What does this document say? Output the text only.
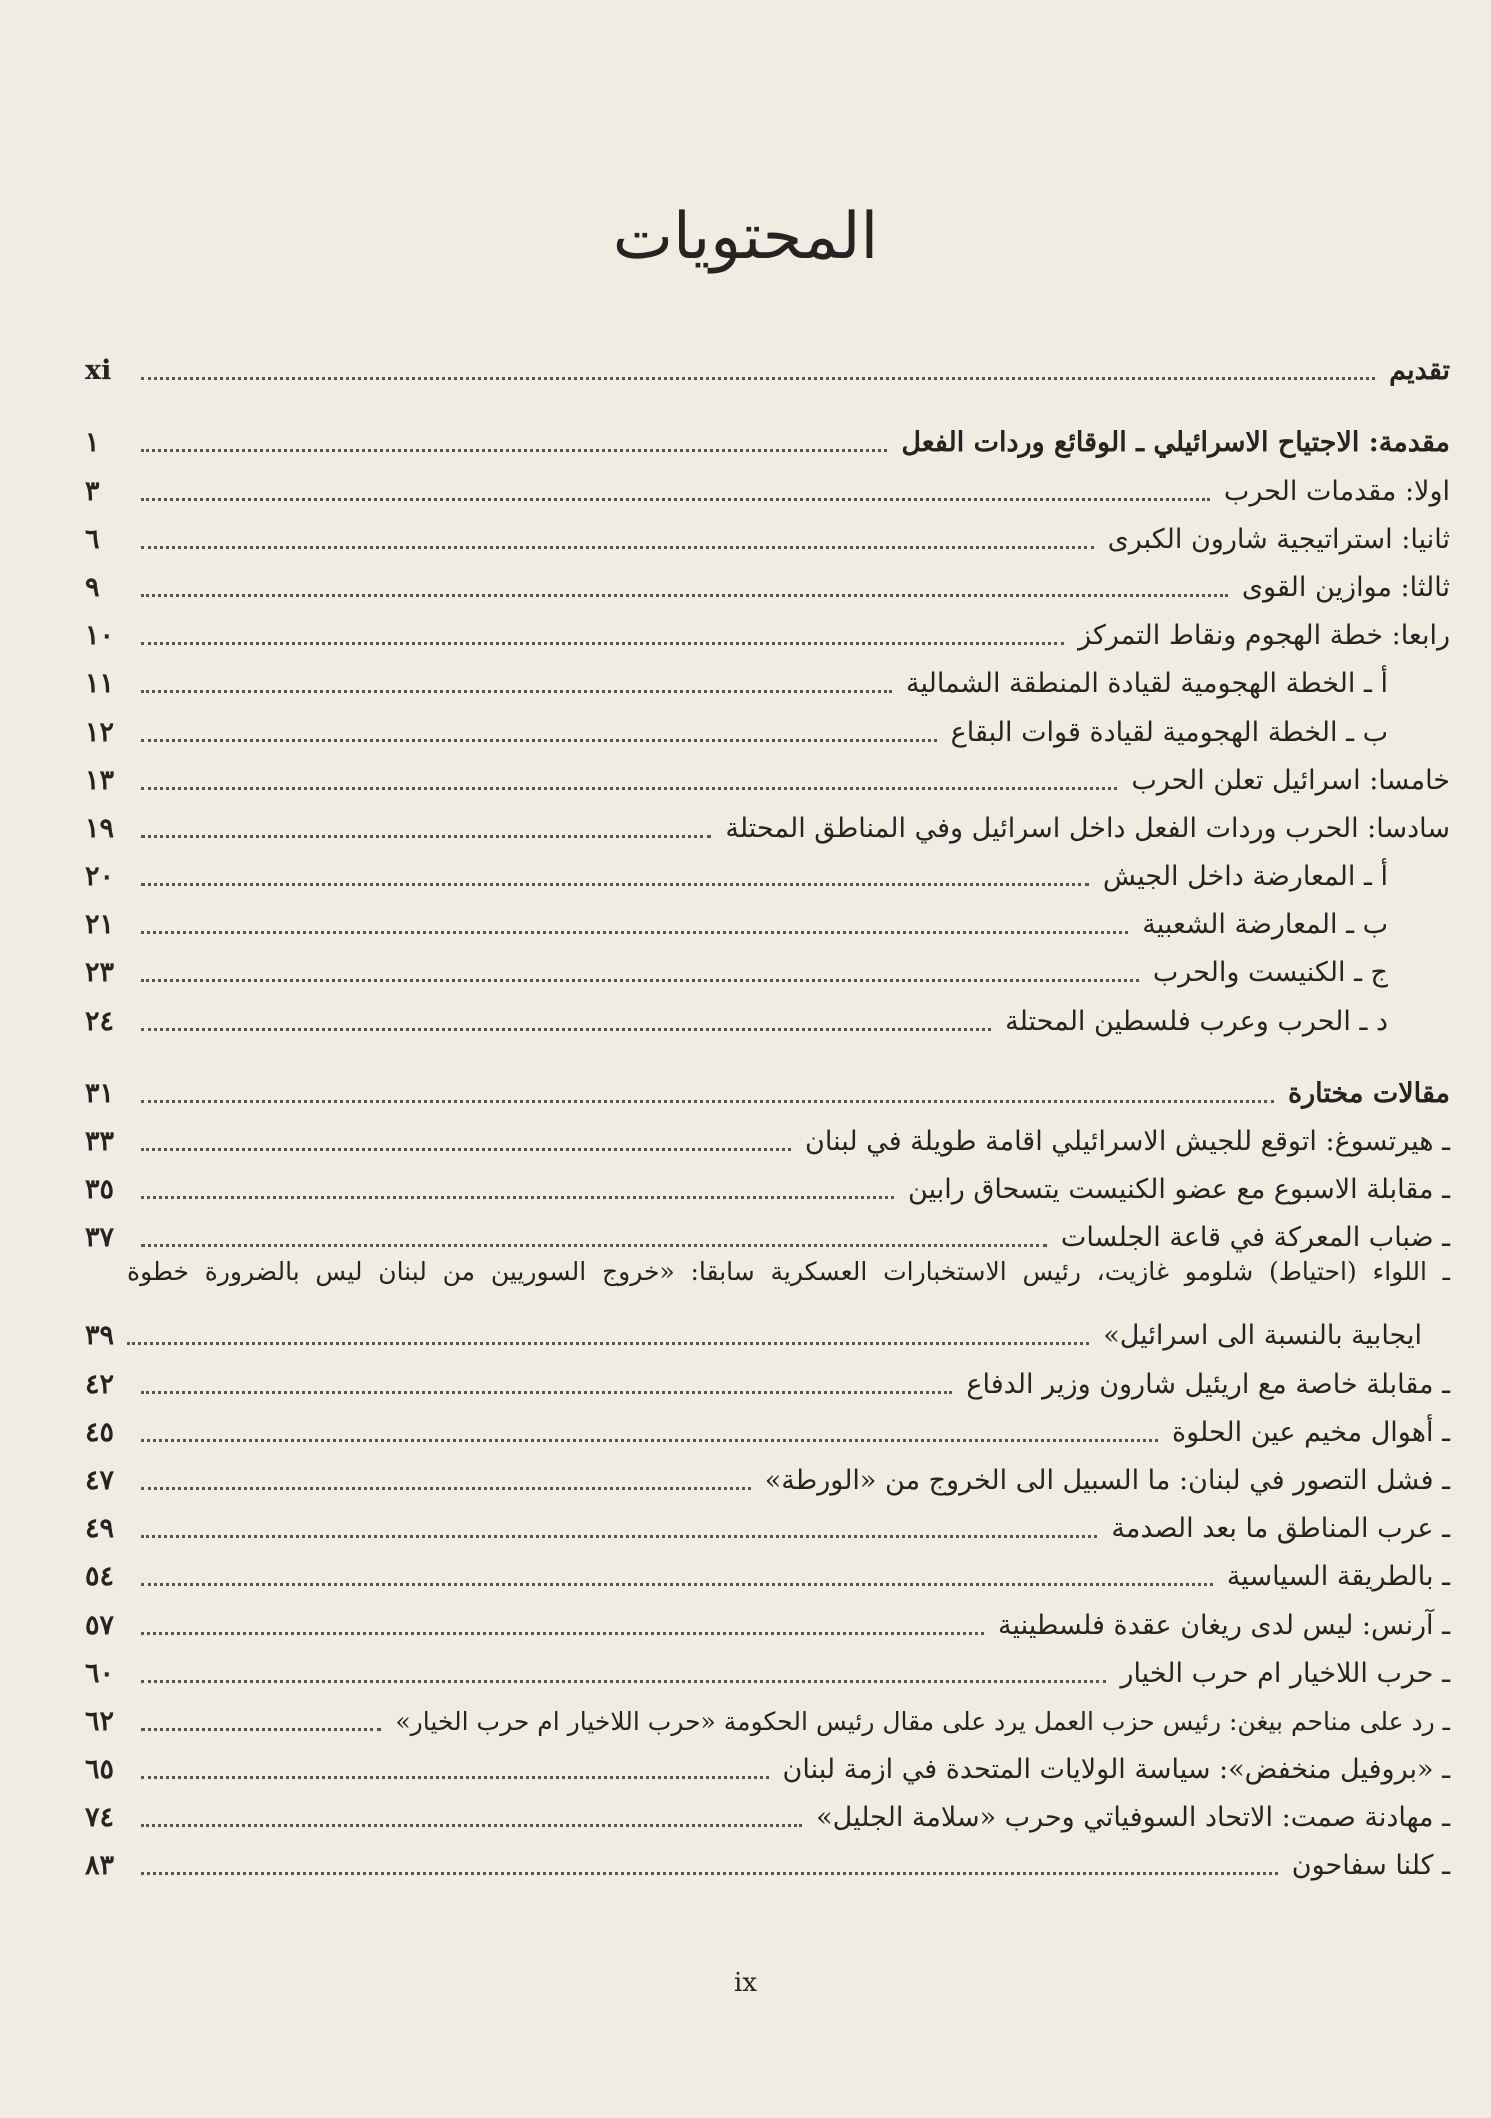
المحتويات
تقديم
xi
مقدمة: الاجتياح الاسرائيلي ـ الوقائع وردات الفعل
١
اولا: مقدمات الحرب
٣
ثانيا: استراتيجية شارون الكبرى
٦
ثالثا: موازين القوى
٩
رابعا: خطة الهجوم ونقاط التمركز
١٠
أ ـ الخطة الهجومية لقيادة المنطقة الشمالية
١١
ب ـ الخطة الهجومية لقيادة قوات البقاع
١٢
خامسا: اسرائيل تعلن الحرب
١٣
سادسا: الحرب وردات الفعل داخل اسرائيل وفي المناطق المحتلة
١٩
أ ـ المعارضة داخل الجيش
٢٠
ب ـ المعارضة الشعبية
٢١
ج ـ الكنيست والحرب
٢٣
د ـ الحرب وعرب فلسطين المحتلة
٢٤
مقالات مختارة
٣١
ـ هيرتسوغ: اتوقع للجيش الاسرائيلي اقامة طويلة في لبنان
٣٣
ـ مقابلة الاسبوع مع عضو الكنيست يتسحاق رابين
٣٥
ـ ضباب المعركة في قاعة الجلسات
٣٧
ـ اللواء (احتياط) شلومو غازيت، رئيس الاستخبارات العسكرية سابقا: «خروج السوريين من لبنان ليس بالضرورة خطوة
ايجابية بالنسبة الى اسرائيل»
٣٩
ـ مقابلة خاصة مع اريئيل شارون وزير الدفاع
٤٢
ـ أهوال مخيم عين الحلوة
٤٥
ـ فشل التصور في لبنان: ما السبيل الى الخروج من «الورطة»
٤٧
ـ عرب المناطق ما بعد الصدمة
٤٩
ـ بالطريقة السياسية
٥٤
ـ آرنس: ليس لدى ريغان عقدة فلسطينية
٥٧
ـ حرب اللاخيار ام حرب الخيار
٦٠
ـ رد على مناحم بيغن: رئيس حزب العمل يرد على مقال رئيس الحكومة «حرب اللاخيار ام حرب الخيار»
٦٢
ـ «بروفيل منخفض»: سياسة الولايات المتحدة في ازمة لبنان
٦٥
ـ مهادنة صمت: الاتحاد السوفياتي وحرب «سلامة الجليل»
٧٤
ـ كلنا سفاحون
٨٣
ix
